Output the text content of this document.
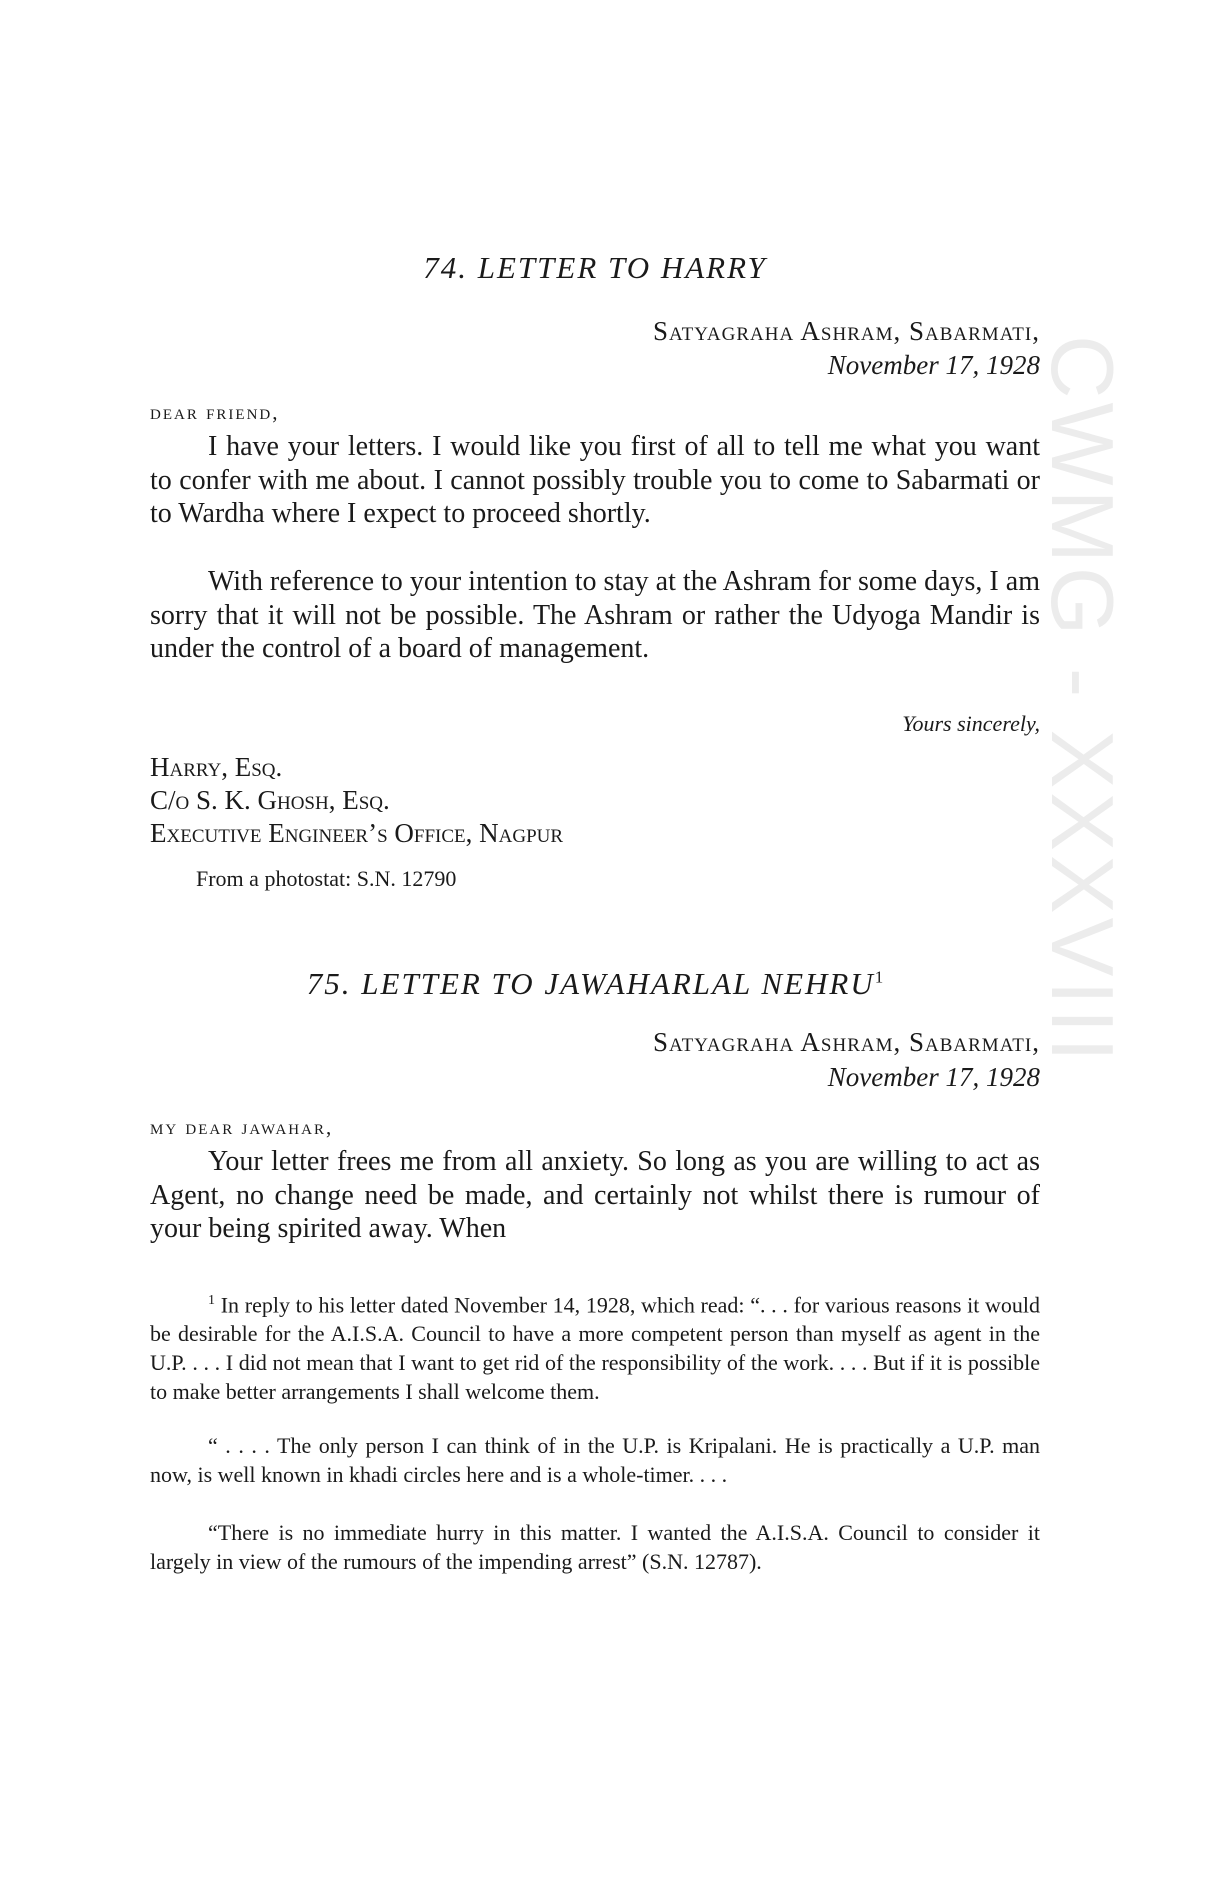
CWMG - XXXVIII
74. LETTER TO HARRY
Satyagraha Ashram, Sabarmati,
November 17, 1928
dear friend,

I have your letters. I would like you first of all to tell me what you want to confer with me about. I cannot possibly trouble you to come to Sabarmati or to Wardha where I expect to proceed shortly.

With reference to your intention to stay at the Ashram for some days, I am sorry that it will not be possible. The Ashram or rather the Udyoga Mandir is under the control of a board of management.

Yours sincerely,
Harry, Esq.
C/o S. K. Ghosh, Esq.
Executive Engineer’s Office, Nagpur
From a photostat: S.N. 12790
75. LETTER TO JAWAHARLAL NEHRU$^1$
Satyagraha Ashram, Sabarmati,
November 17, 1928
my dear jawahar,

Your letter frees me from all anxiety. So long as you are willing to act as Agent, no change need be made, and certainly not whilst there is rumour of your being spirited away. When

$^1$ In reply to his letter dated November 14, 1928, which read: “. . . for various reasons it would be desirable for the A.I.S.A. Council to have a more competent person than myself as agent in the U.P. . . . I did not mean that I want to get rid of the responsibility of the work. . . . But if it is possible to make better arrangements I shall welcome them.

“ . . . . The only person I can think of in the U.P. is Kripalani. He is practically a U.P. man now, is well known in khadi circles here and is a whole-timer. . . .

“There is no immediate hurry in this matter. I wanted the A.I.S.A. Council to consider it largely in view of the rumours of the impending arrest” (S.N. 12787).
